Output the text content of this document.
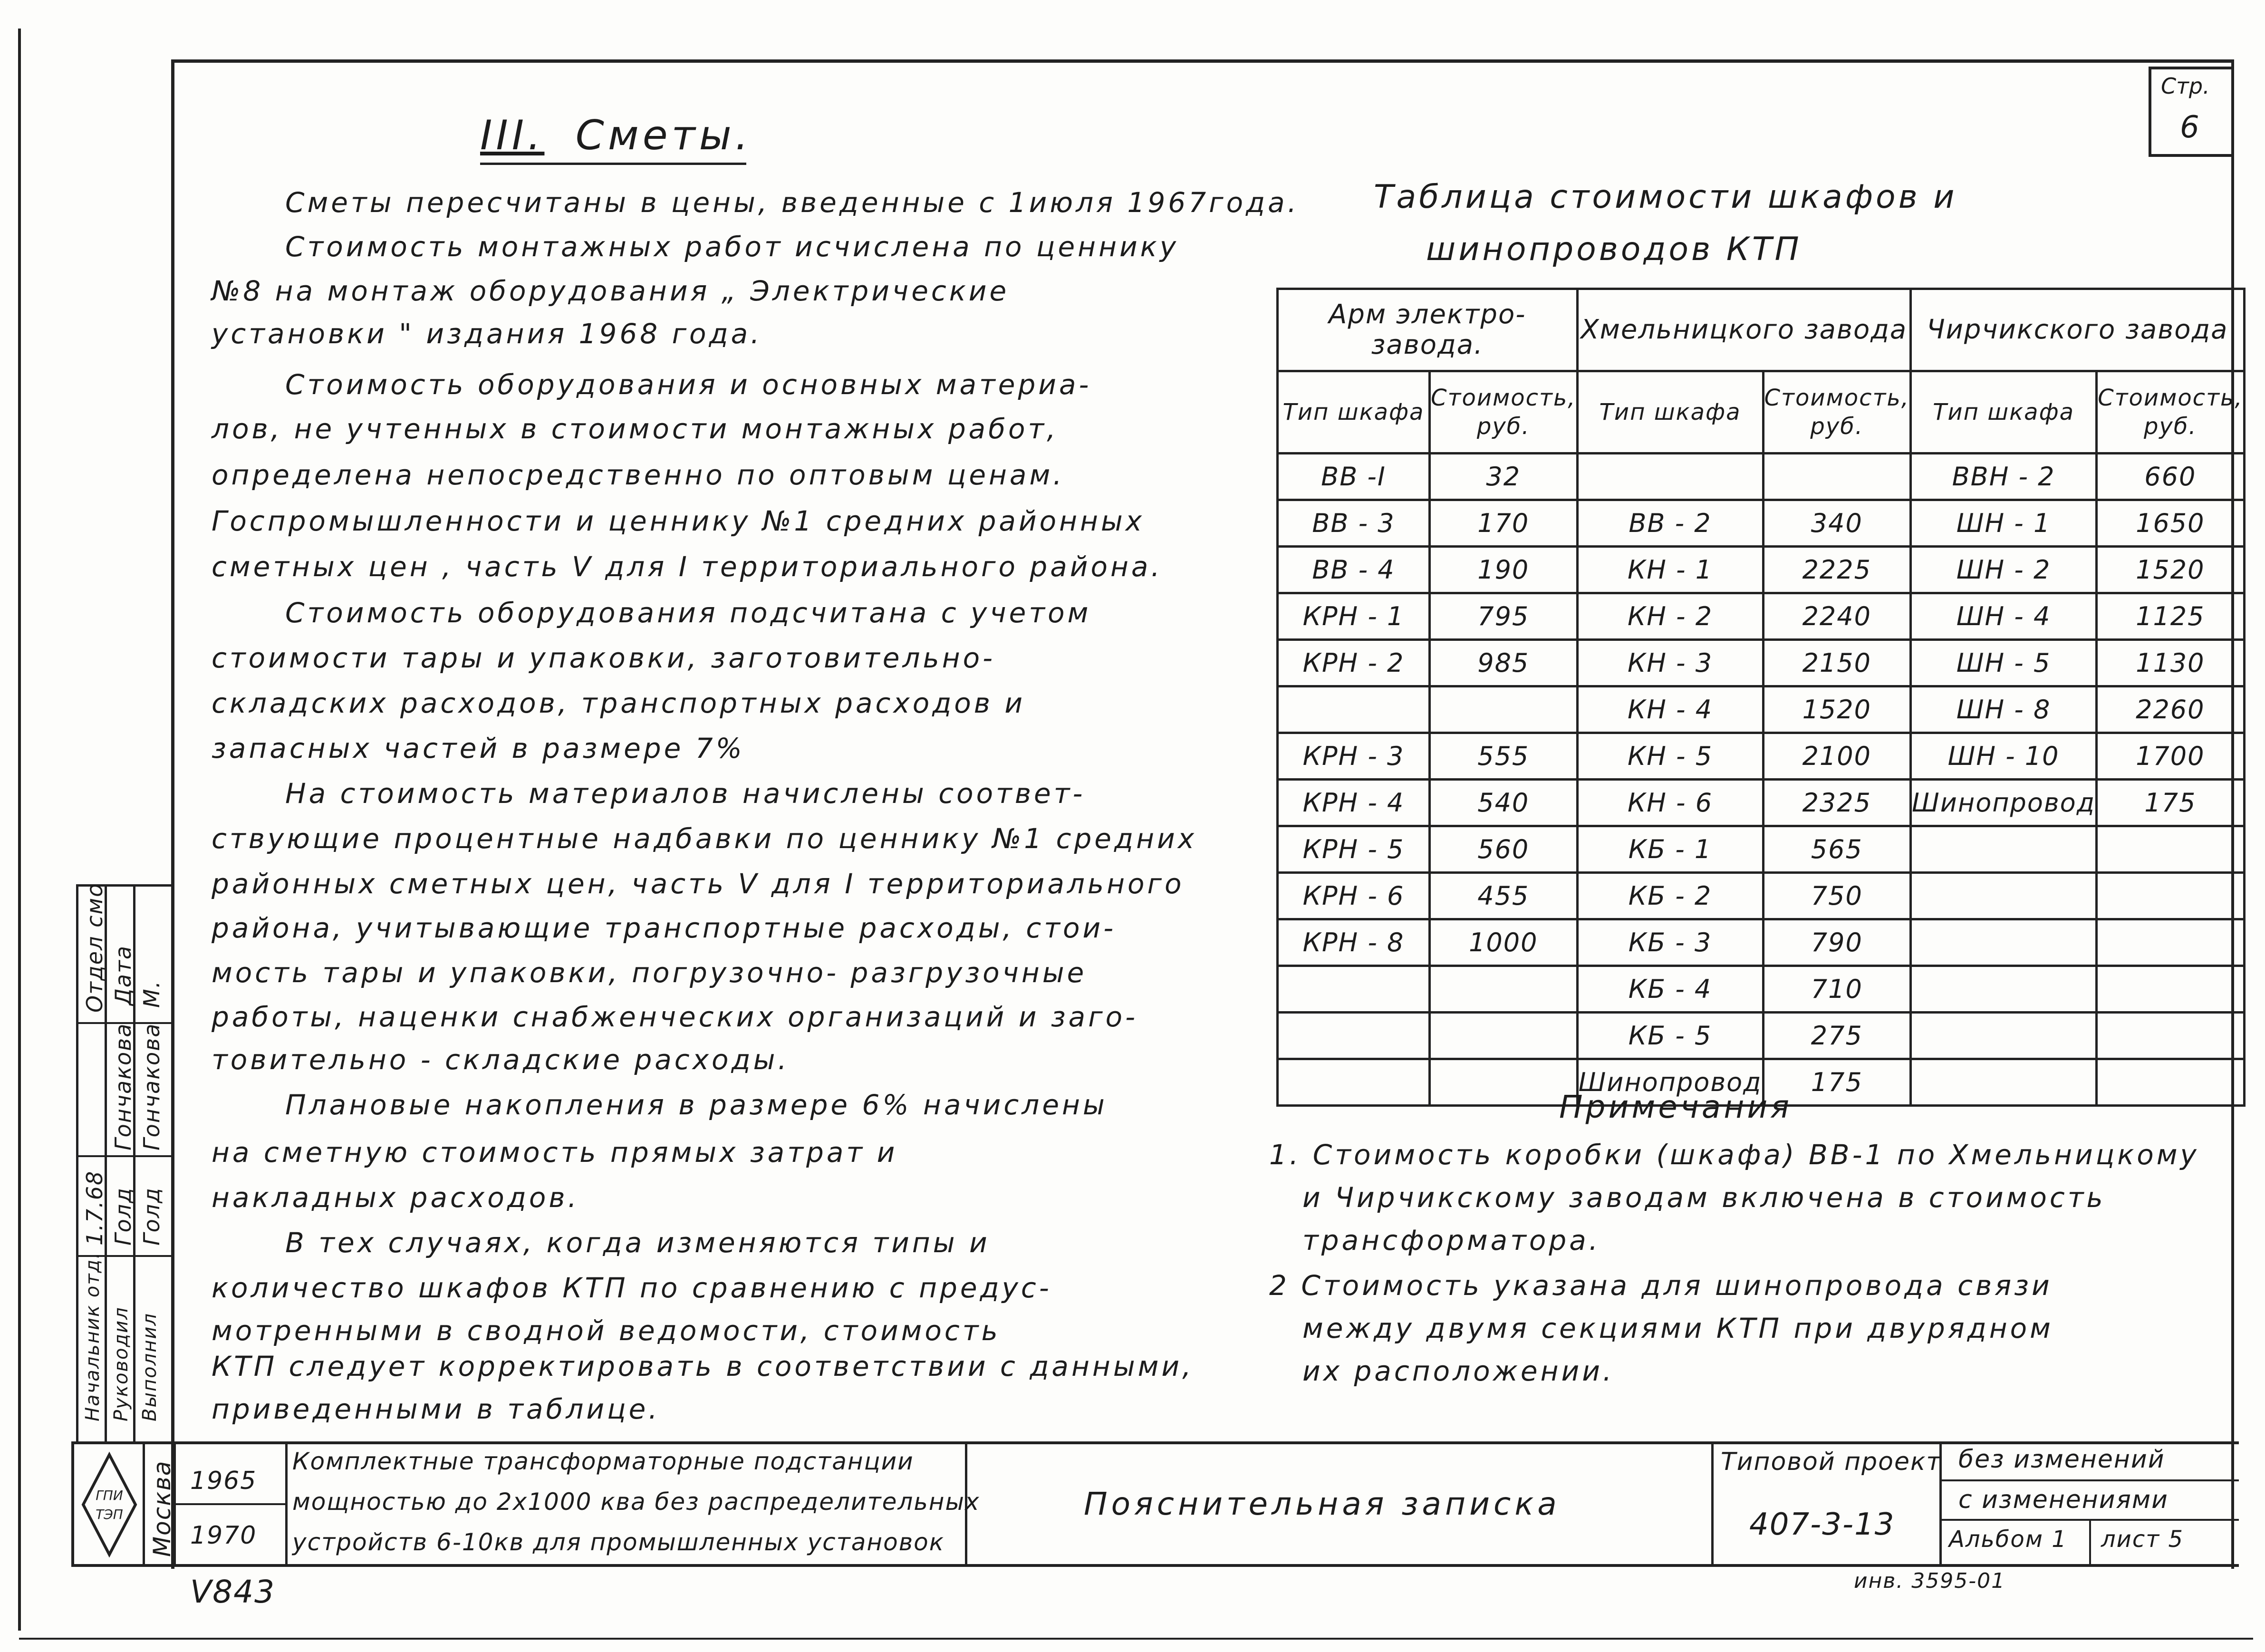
Стр.
6
III. Сметы.
Сметы пересчитаны в цены, введенные с 1июля 1967года.
Стоимость монтажных работ исчислена по ценнику
№8 на монтаж оборудования „ Электрические
установки " издания 1968 года.
Стоимость оборудования и основных материа-
лов, не учтенных в стоимости монтажных работ,
определена непосредственно по оптовым ценам.
Госпромышленности и ценнику №1 средних районных
сметных цен , часть V для I территориального района.
Стоимость оборудования подсчитана с учетом
стоимости тары и упаковки, заготовительно-
складских расходов, транспортных расходов и
запасных частей в размере 7%
На стоимость материалов начислены соответ-
ствующие процентные надбавки по ценнику №1 средних
районных сметных цен, часть V для I территориального
района, учитывающие транспортные расходы, стои-
мость тары и упаковки, погрузочно- разгрузочные
работы, наценки снабженческих организаций и заго-
товительно - складские расходы.
Плановые накопления в размере 6% начислены
на сметную стоимость прямых затрат и
накладных расходов.
В тех случаях, когда изменяются типы и
количество шкафов КТП по сравнению с предус-
мотренными в сводной ведомости, стоимость
КТП следует корректировать в соответствии с данными,
приведенными в таблице.
Таблица стоимости шкафов и
шинопроводов КТП
Арм электро- завода.		Хмельницкого завода		Чирчикского завода	
Тип шкафа	Стоимость, руб.	Тип шкафа	Стоимость, руб.	Тип шкафа	Стоимость, руб.
ВВ -I	32			ВВН - 2	660
ВВ - 3	170	ВВ - 2	340	ШН - 1	1650
ВВ - 4	190	КН - 1	2225	ШН - 2	1520
КРН - 1	795	КН - 2	2240	ШН - 4	1125
КРН - 2	985	КН - 3	2150	ШН - 5	1130
		КН - 4	1520	ШН - 8	2260
КРН - 3	555	КН - 5	2100	ШН - 10	1700
КРН - 4	540	КН - 6	2325	Шинопровод	175
КРН - 5	560	КБ - 1	565		
КРН - 6	455	КБ - 2	750		
КРН - 8	1000	КБ - 3	790		
		КБ - 4	710		
		КБ - 5	275		
		Шинопровод	175		
Примечания
1. Стоимость коробки (шкафа) ВВ-1 по Хмельницкому
и Чирчикскому заводам включена в стоимость
трансформатора.
2 Стоимость указана для шинопровода связи
между двумя секциями КТП при двурядном
их расположении.
Отдел смо Дата М.
Гончакова Гончакова
1.7.68 Голд Голд
Начальник отд. Руководил Выполнил
ГПИ
ТЭП Москва 1965
1970
Комплектные трансформаторные подстанции
мощностью до 2х1000 ква без распределительных
устройств 6-10кв для промышленных установок
Пояснительная записка
Типовой проект
407-3-13
без изменений
с изменениями
Альбом 1 лист 5
инв. 3595-01
V843
